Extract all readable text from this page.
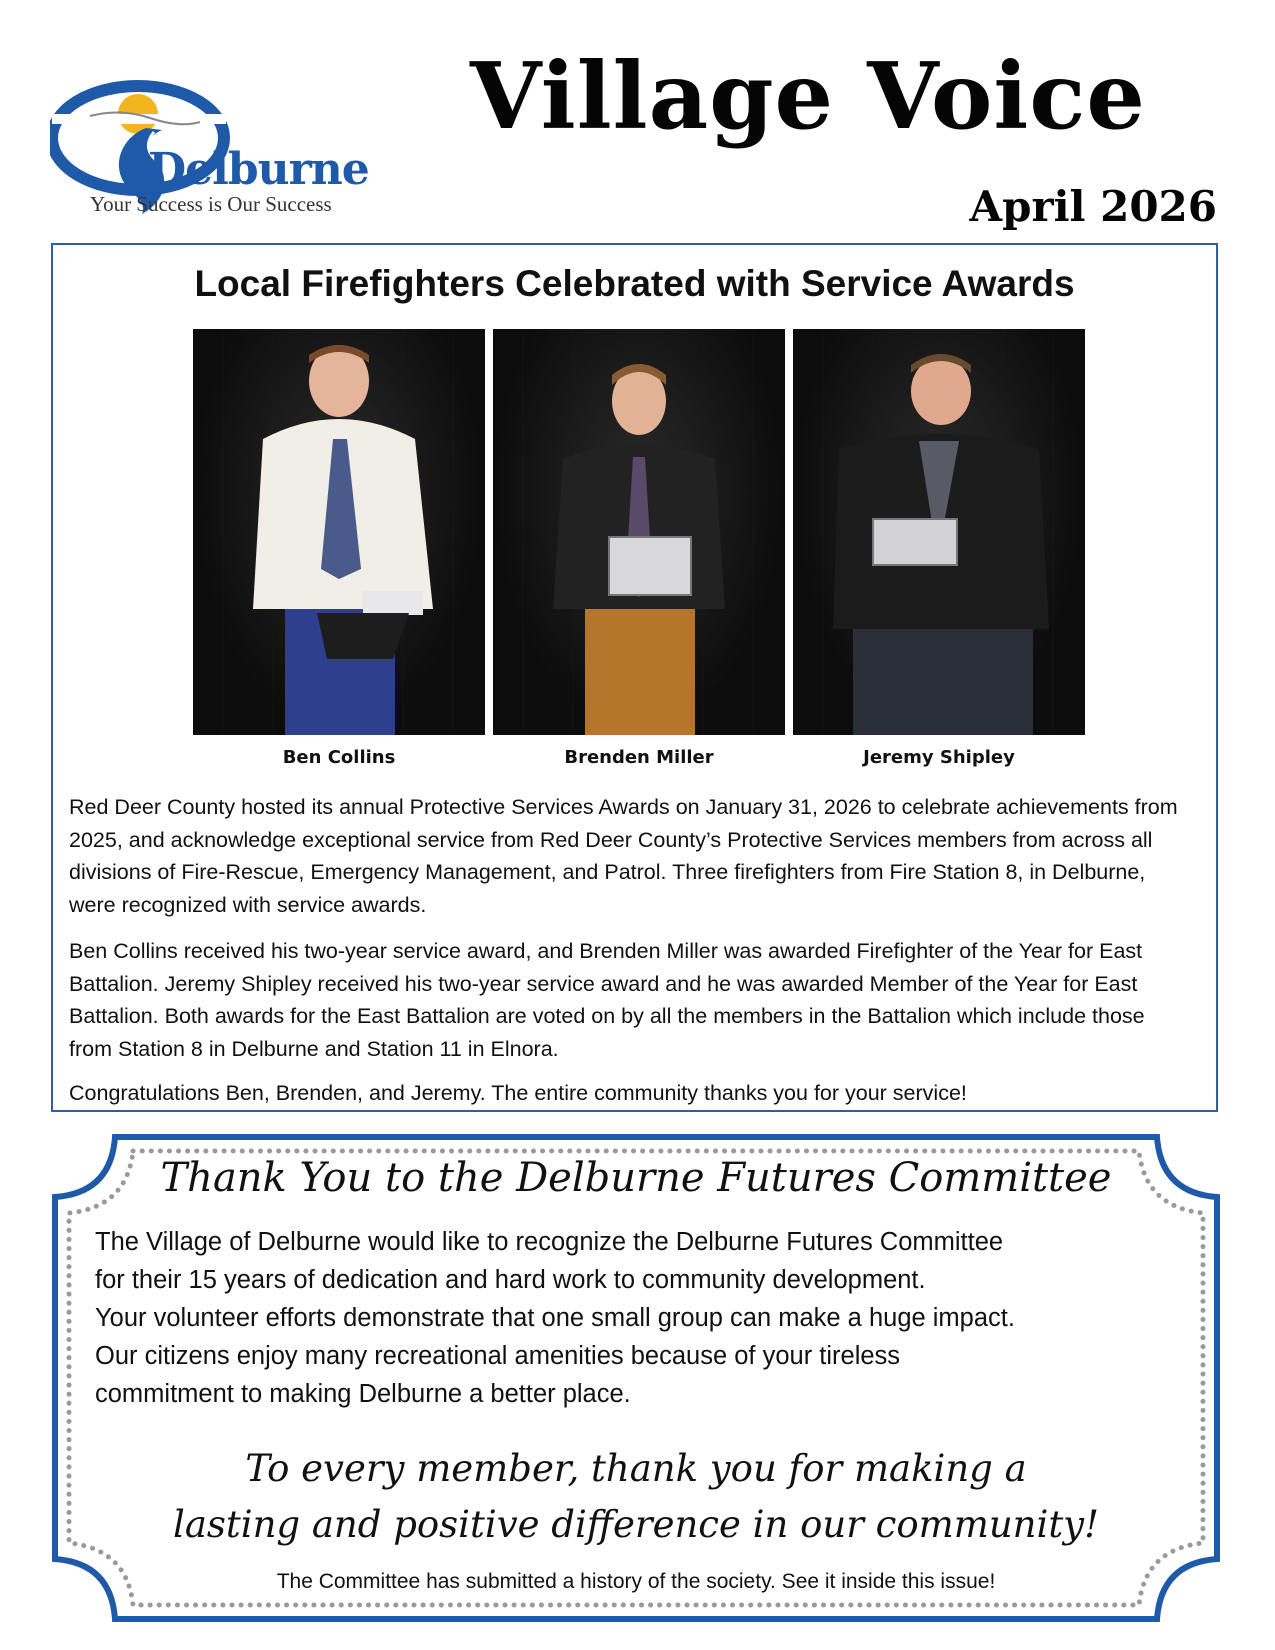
Delburne
Your Success is Our Success
Village Voice
April 2026
Local Firefighters Celebrated with Service Awards
Ben Collins	Brenden Miller	Jeremy Shipley

Red Deer County hosted its annual Protective Services Awards on January 31, 2026 to celebrate achievements from 2025, and acknowledge exceptional service from Red Deer County’s Protective Services members from across all divisions of Fire-Rescue, Emergency Management, and Patrol. Three firefighters from Fire Station 8, in Delburne, were recognized with service awards.

Ben Collins received his two-year service award, and Brenden Miller was awarded Firefighter of the Year for East Battalion. Jeremy Shipley received his two-year service award and he was awarded Member of the Year for East Battalion. Both awards for the East Battalion are voted on by all the members in the Battalion which include those from Station 8 in Delburne and Station 11 in Elnora.

Congratulations Ben, Brenden, and Jeremy. The entire community thanks you for your service!

Thank You to the Delburne Futures Committee
The Village of Delburne would like to recognize the Delburne Futures Committee
for their 15 years of dedication and hard work to community development.
Your volunteer efforts demonstrate that one small group can make a huge impact.
Our citizens enjoy many recreational amenities because of your tireless
commitment to making Delburne a better place.
To every member, thank you for making a
lasting and positive difference in our community!
The Committee has submitted a history of the society. See it inside this issue!
